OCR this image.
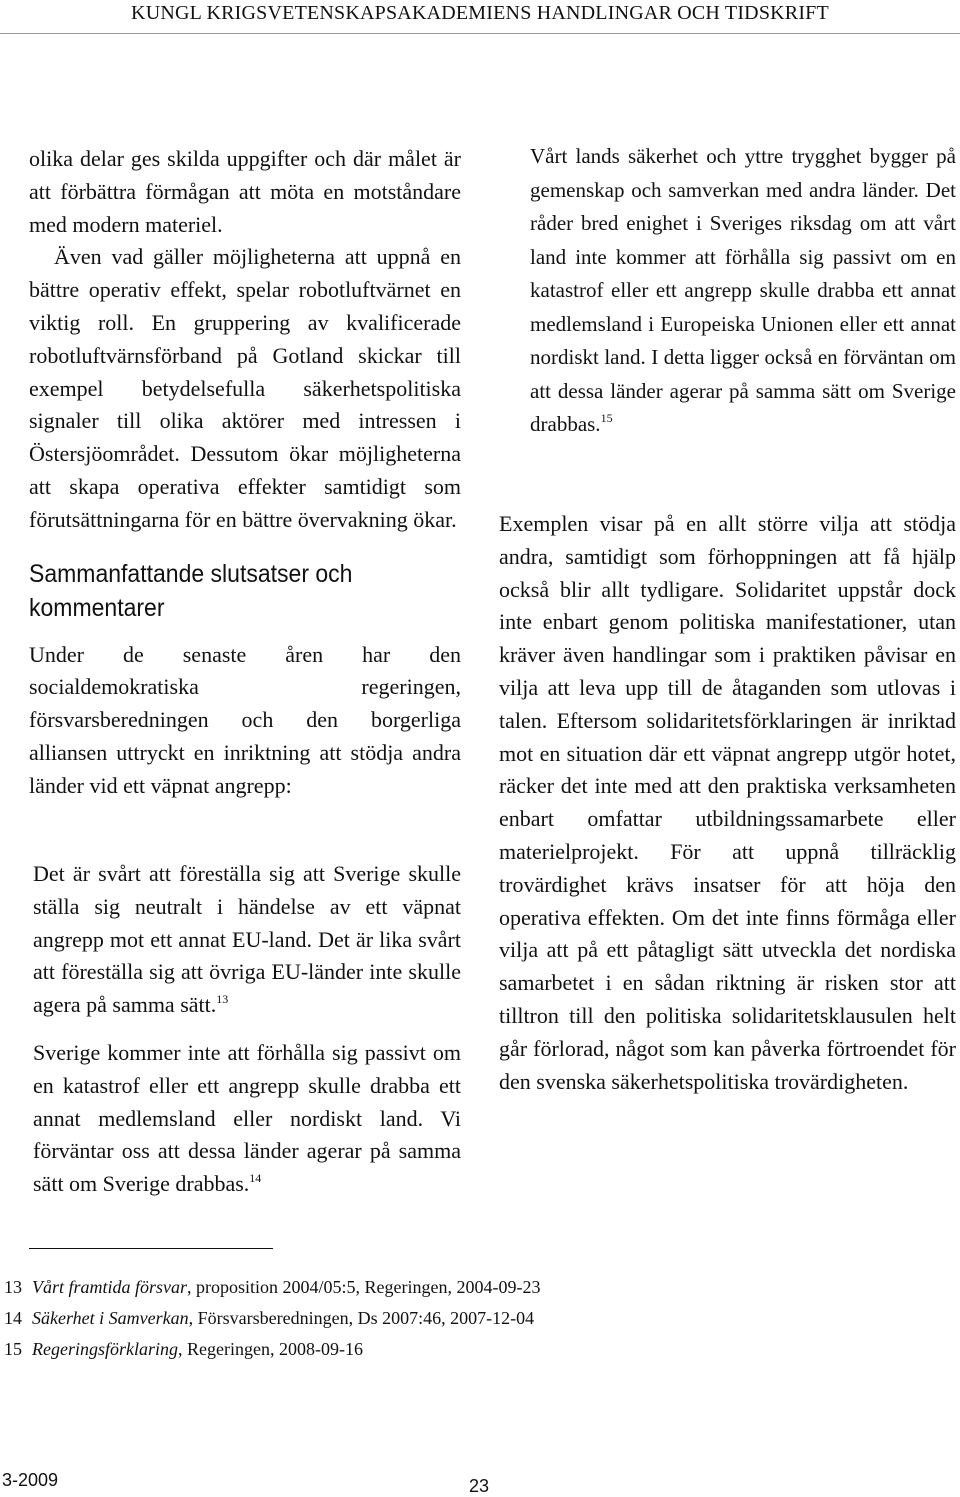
KUNGL KRIGSVETENSKAPSAKADEMIENS HANDLINGAR OCH TIDSKRIFT

olika delar ges skilda uppgifter och där målet är att förbättra förmågan att möta en motståndare med modern materiel.

Även vad gäller möjligheterna att uppnå en bättre operativ effekt, spelar robotluftvärnet en viktig roll. En gruppering av kvalificerade robotluftvärnsförband på Gotland skickar till exempel betydelsefulla säkerhetspolitiska signaler till olika aktörer med intressen i Östersjöområdet. Dessutom ökar möjligheterna att skapa operativa effekter samtidigt som förutsättningarna för en bättre övervakning ökar.

Sammanfattande slutsatser och kommentarer

Under de senaste åren har den socialdemokratiska regeringen, försvarsberedningen och den borgerliga alliansen uttryckt en inriktning att stödja andra länder vid ett väpnat angrepp:

Det är svårt att föreställa sig att Sverige skulle ställa sig neutralt i händelse av ett väpnat angrepp mot ett annat EU-land. Det är lika svårt att föreställa sig att övriga EU-länder inte skulle agera på samma sätt.$^{13}$

Sverige kommer inte att förhålla sig passivt om en katastrof eller ett angrepp skulle drabba ett annat medlemsland eller nordiskt land. Vi förväntar oss att dessa länder agerar på samma sätt om Sverige drabbas.$^{14}$

Vårt lands säkerhet och yttre trygghet bygger på gemenskap och samverkan med andra länder. Det råder bred enighet i Sveriges riksdag om att vårt land inte kommer att förhålla sig passivt om en katastrof eller ett angrepp skulle drabba ett annat medlemsland i Europeiska Unionen eller ett annat nordiskt land. I detta ligger också en förväntan om att dessa länder agerar på samma sätt om Sverige drabbas.$^{15}$

Exemplen visar på en allt större vilja att stödja andra, samtidigt som förhoppningen att få hjälp också blir allt tydligare. Solidaritet uppstår dock inte enbart genom politiska manifestationer, utan kräver även handlingar som i praktiken påvisar en vilja att leva upp till de åtaganden som utlovas i talen. Eftersom solidaritetsförklaringen är inriktad mot en situation där ett väpnat angrepp utgör hotet, räcker det inte med att den praktiska verksamheten enbart omfattar utbildningssamarbete eller materielprojekt. För att uppnå tillräcklig trovärdighet krävs insatser för att höja den operativa effekten. Om det inte finns förmåga eller vilja att på ett påtagligt sätt utveckla det nordiska samarbetet i en sådan riktning är risken stor att tilltron till den politiska solidaritetsklausulen helt går förlorad, något som kan påverka förtroendet för den svenska säkerhetspolitiska trovärdigheten.

13 Vårt framtida försvar, proposition 2004/05:5, Regeringen, 2004-09-23
14 Säkerhet i Samverkan, Försvarsberedningen, Ds 2007:46, 2007-12-04
15 Regeringsförklaring, Regeringen, 2008-09-16
3-2009	23
